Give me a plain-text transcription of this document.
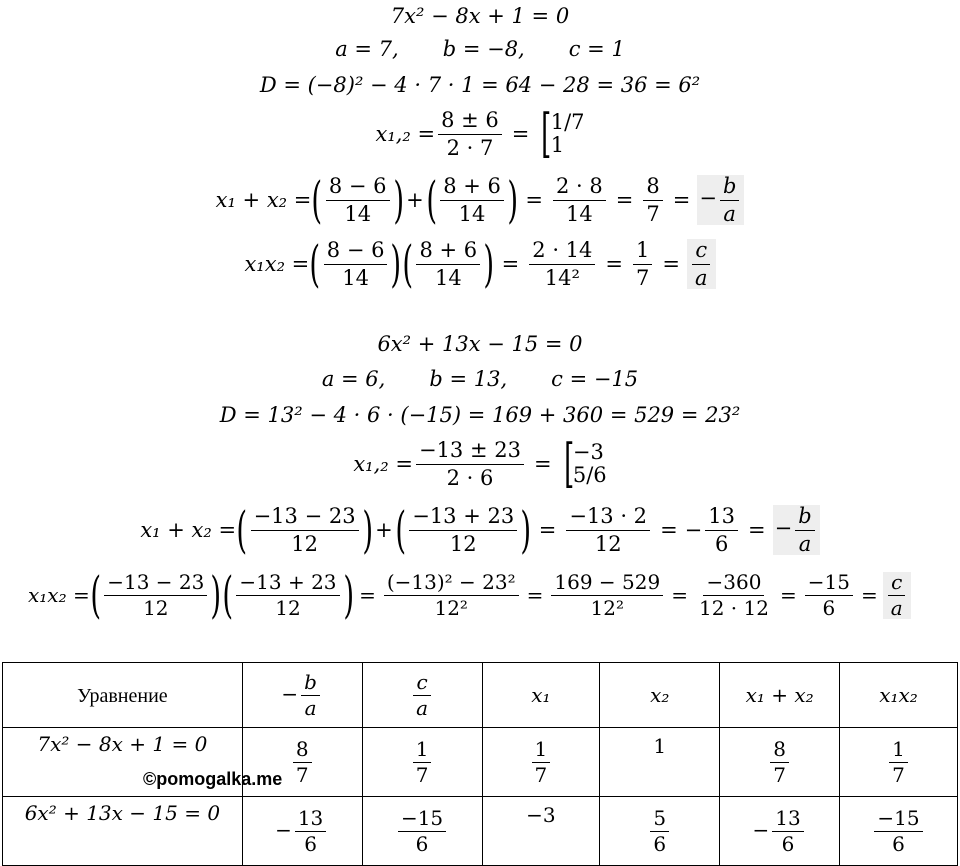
7x² − 8x + 1 = 0
a = 7, b = −8, c = 1
D = (−8)² − 4 · 7 · 1 = 64 − 28 = 36 = 6²
$x_1,_2 = \frac{8 \pm 6}{2 \cdot 7}$ = [ 1/7
1
x₁ + x₂ = ( $\frac{8 - 6}{14}$ ) + ( $\frac{8 + 6}{14}$ ) = $\frac{2 \cdot 8}{14} = \frac{8}{7}$ = − $\frac{b}{a}$
x₁x₂ = ( $\frac{8 - 6}{14}$ ) ( $\frac{8 + 6}{14}$ ) = $\frac{2 \cdot 14}{\text{14²}} = \frac{1}{7} = \frac{c}{a}$
6x² + 13x − 15 = 0
a = 6, b = 13, c = −15
D = 13² − 4 · 6 · (−15) = 169 + 360 = 529 = 23²
$x_1,_2 = \frac{-13 \pm 23}{2 \cdot 6}$ = [ −3
5/6
x₁ + x₂ = ( $\frac{-13 - 23}{12}$ ) + ( $\frac{-13 + 23}{12}$ ) = $\frac{-13 \cdot 2}{12}$ = − $\frac{13}{6}$ = − $\frac{b}{a}$
x₁x₂ = ( $\frac{-13 - 23}{12}$ ) ( $\frac{-13 + 23}{12}$ ) = $\frac{\text{(−13)² − 23²}}{\text{12²}} = \frac{169 - 529}{\text{12²}} = \frac{-360}{12 \cdot 12} = \frac{-15}{6} = \frac{c}{a}$
Уравнение	− $\frac{b}{a}$	$\frac{c}{a}$	x₁	x₂	x₁ + x₂	x₁x₂
7x² − 8x + 1 = 0	$\frac{8}{7}$	$\frac{1}{7}$	$\frac{1}{7}$	1	$\frac{8}{7}$	$\frac{1}{7}$

6x² + 13x − 15 = 0	− $\frac{13}{6}$	$\frac{-15}{6}$	−3	$\frac{5}{6}$	− $\frac{13}{6}$	$\frac{-15}{6}$
©pomogalka.me
